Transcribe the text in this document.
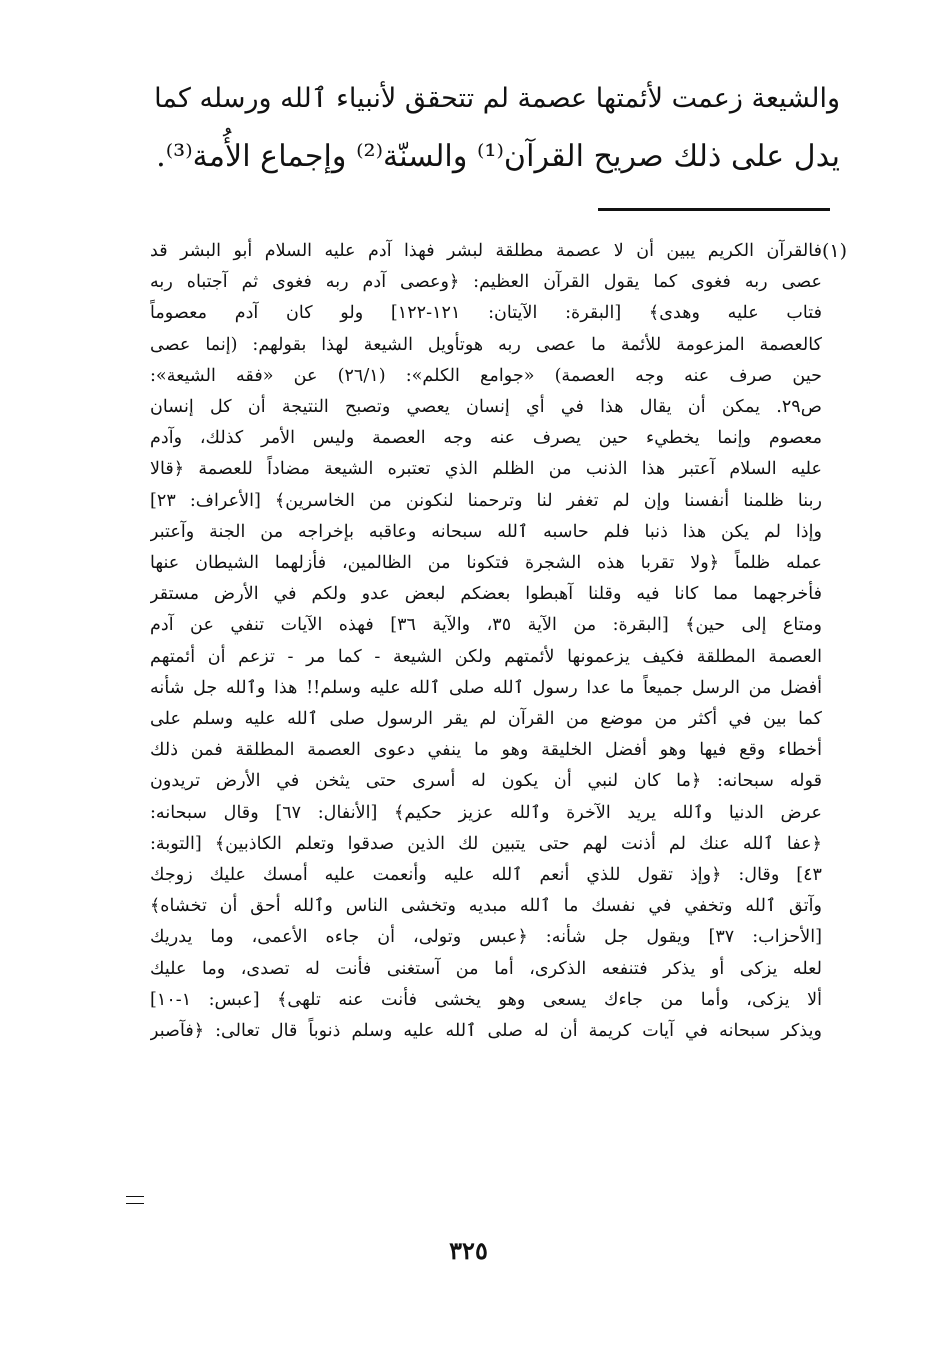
والشيعة زعمت لأئمتها عصمة لم تتحقق لأنبياء ٱلله ورسله كما
يدل على ذلك صريح القرآن⁽¹⁾ والسنّة⁽²⁾ وإجماع الأُمة⁽³⁾.

(١)
فالقرآن الكريم يبين أن لا عصمة مطلقة لبشر فهذا آدم عليه السلام أبو البشر قد
عصى ربه فغوى كما يقول القرآن العظيم: ﴿وعصى آدم ربه فغوى ثم آجتباه ربه
فتاب عليه وهدى﴾ [البقرة: الآيتان: ١٢١-١٢٢] ولو كان آدم معصوماً
كالعصمة المزعومة للأئمة ما عصى ربه هوتأويل الشيعة لهذا بقولهم: (إنما عصى
حين صرف عنه وجه العصمة) «جوامع الكلم»: (٢٦/١) عن «فقه الشيعة»:
ص٢٩. يمكن أن يقال هذا في أي إنسان يعصي وتصبح النتيجة أن كل إنسان
معصوم وإنما يخطيء حين يصرف عنه وجه العصمة وليس الأمر كذلك، وآدم
عليه السلام آعتبر هذا الذنب من الظلم الذي تعتبره الشيعة مضاداً للعصمة ﴿قالا
ربنا ظلمنا أنفسنا وإن لم تغفر لنا وترحمنا لنكونن من الخاسرين﴾ [الأعراف: ٢٣]
وإذا لم يكن هذا ذنبا فلم حاسبه ٱلله سبحانه وعاقبه بإخراجه من الجنة وآعتبر
عمله ظلماً ﴿ولا تقربا هذه الشجرة فتكونا من الظالمين، فأزلهما الشيطان عنها
فأخرجهما مما كانا فيه وقلنا آهبطوا بعضكم لبعض عدو ولكم في الأرض مستقر
ومتاع إلى حين﴾ [البقرة: من الآية ٣٥، والآية ٣٦] فهذه الآيات تنفي عن آدم
العصمة المطلقة فكيف يزعمونها لأئمتهم ولكن الشيعة - كما مر - تزعم أن أئمتهم
أفضل من الرسل جميعاً ما عدا رسول ٱلله صلى ٱلله عليه وسلم!! هذا وٱلله جل شأنه
كما بين في أكثر من موضع من القرآن لم يقر الرسول صلى ٱلله عليه وسلم على
أخطاء وقع فيها وهو أفضل الخليقة وهو ما ينفي دعوى العصمة المطلقة فمن ذلك
قوله سبحانه: ﴿ما كان لنبي أن يكون له أسرى حتى يثخن في الأرض تريدون
عرض الدنيا وٱلله يريد الآخرة وٱلله عزيز حكيم﴾ [الأنفال: ٦٧] وقال سبحانه:
﴿عفا ٱلله عنك لم أذنت لهم حتى يتبين لك الذين صدقوا وتعلم الكاذبين﴾ [التوبة:
٤٣] وقال: ﴿وإذ تقول للذي أنعم ٱلله عليه وأنعمت عليه أمسك عليك زوجك
وآتق ٱلله وتخفي في نفسك ما ٱلله مبديه وتخشى الناس وٱلله أحق أن تخشاه﴾
[الأحزاب: ٣٧] ويقول جل شأنه: ﴿عبس وتولى، أن جاءه الأعمى، وما يدريك
لعله يزكى أو يذكر فتنفعه الذكرى، أما من آستغنى فأنت له تصدى، وما عليك
ألا يزكى، وأما من جاءك يسعى وهو يخشى فأنت عنه تلهى﴾ [عبس: ١-١٠]
ويذكر سبحانه في آيات كريمة أن له صلى ٱلله عليه وسلم ذنوباً قال تعالى: ﴿فآصبر
٣٢٥
